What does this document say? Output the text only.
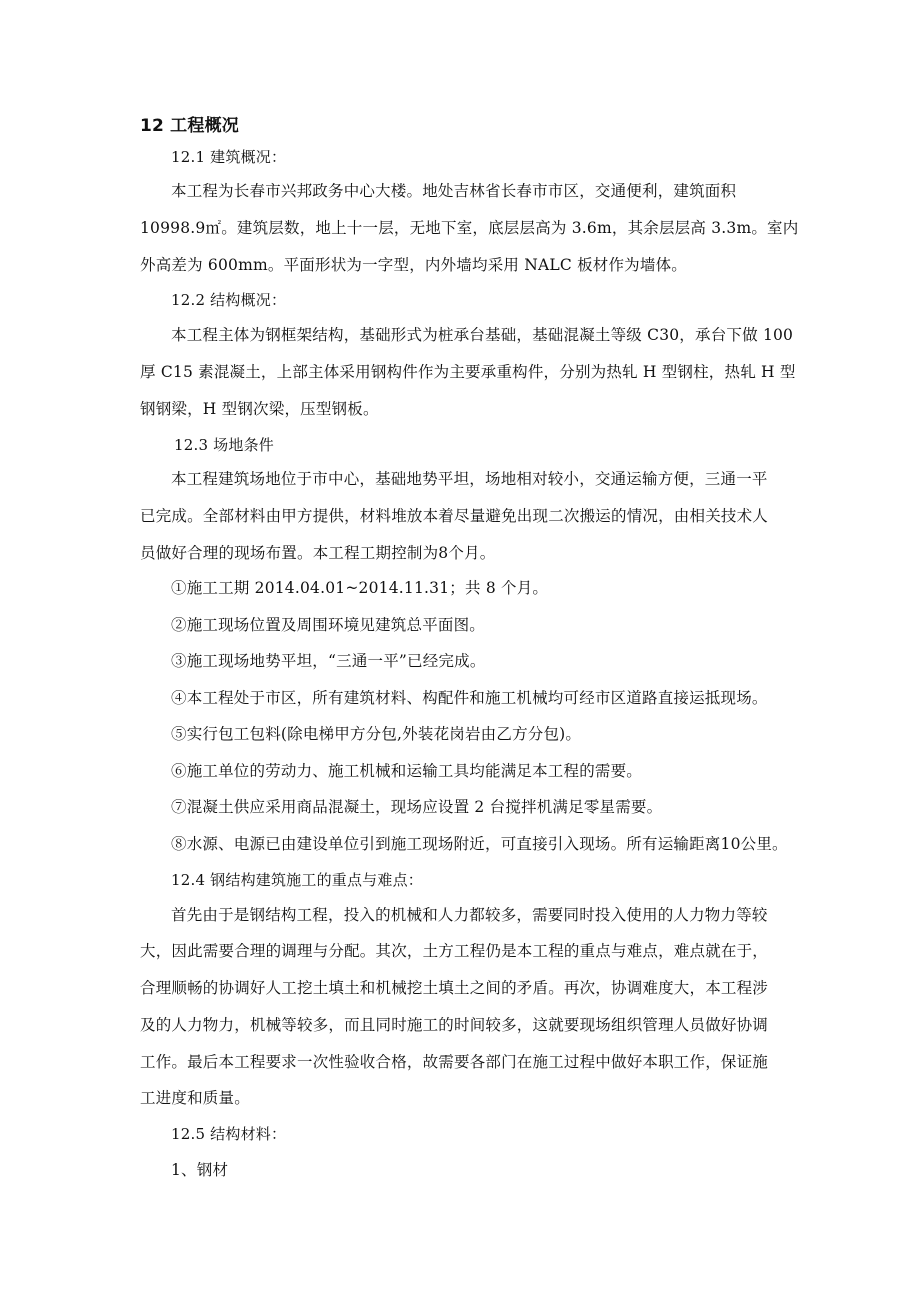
12 工程概况
12.1 建筑概况：
本工程为长春市兴邦政务中心大楼。地处吉林省长春市市区，交通便利，建筑面积
10998.9㎡。建筑层数，地上十一层，无地下室，底层层高为 3.6m，其余层层高 3.3m。室内
外高差为 600mm。平面形状为一字型，内外墙均采用 NALC 板材作为墙体。
12.2 结构概况：
本工程主体为钢框架结构，基础形式为桩承台基础，基础混凝土等级 C30，承台下做 100
厚 C15 素混凝土，上部主体采用钢构件作为主要承重构件，分别为热轧 H 型钢柱，热轧 H 型
钢钢梁，H 型钢次梁，压型钢板。
12.3 场地条件
本工程建筑场地位于市中心，基础地势平坦，场地相对较小，交通运输方便，三通一平
已完成。全部材料由甲方提供，材料堆放本着尽量避免出现二次搬运的情况，由相关技术人
员做好合理的现场布置。本工程工期控制为8个月。
①施工工期 2014.04.01~2014.11.31；共 8 个月。
②施工现场位置及周围环境见建筑总平面图。
③施工现场地势平坦，“三通一平”已经完成。
④本工程处于市区，所有建筑材料、构配件和施工机械均可经市区道路直接运抵现场。
⑤实行包工包料(除电梯甲方分包,外装花岗岩由乙方分包)。
⑥施工单位的劳动力、施工机械和运输工具均能满足本工程的需要。
⑦混凝土供应采用商品混凝土，现场应设置 2 台搅拌机满足零星需要。
⑧水源、电源已由建设单位引到施工现场附近，可直接引入现场。所有运输距离10公里。
12.4 钢结构建筑施工的重点与难点：
首先由于是钢结构工程，投入的机械和人力都较多，需要同时投入使用的人力物力等较
大，因此需要合理的调理与分配。其次，土方工程仍是本工程的重点与难点，难点就在于，
合理顺畅的协调好人工挖土填土和机械挖土填土之间的矛盾。再次，协调难度大，本工程涉
及的人力物力，机械等较多，而且同时施工的时间较多，这就要现场组织管理人员做好协调
工作。最后本工程要求一次性验收合格，故需要各部门在施工过程中做好本职工作，保证施
工进度和质量。
12.5 结构材料：
1、钢材
